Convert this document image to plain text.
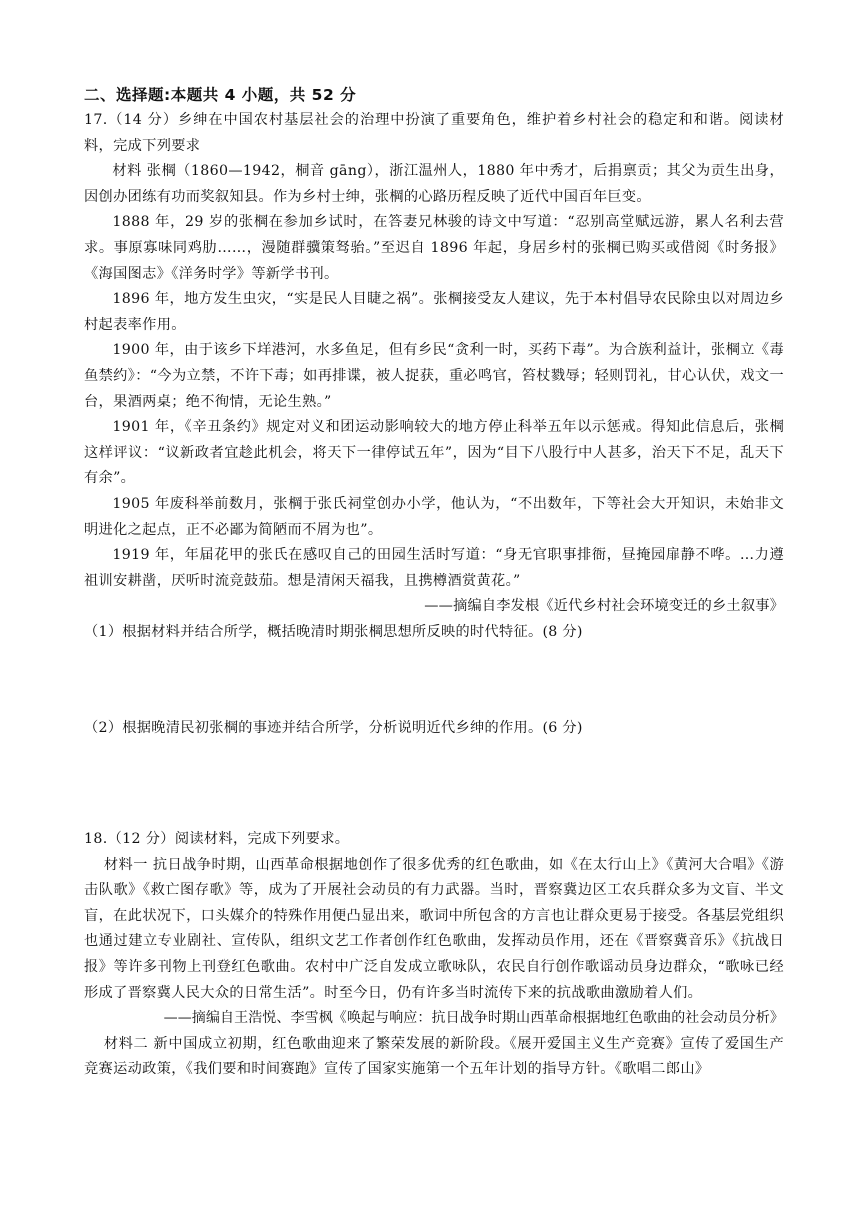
二、选择题:本题共 4 小题，共 52 分

17.（14 分）乡绅在中国农村基层社会的治理中扮演了重要角色，维护着乡村社会的稳定和和谐。阅读材料，完成下列要求

材料 张棡（1860—1942，桐音 gāng），浙江温州人，1880 年中秀才，后捐禀贡；其父为贡生出身，因创办团练有功而奖叙知县。作为乡村士绅，张棡的心路历程反映了近代中国百年巨变。

1888 年，29 岁的张棡在参加乡试时，在答妻兄林骏的诗文中写道：“忍别高堂赋远游，累人名利去营求。事原寡味同鸡肋……，漫随群骥策驽骀。”至迟自 1896 年起，身居乡村的张棡已购买或借阅《时务报》《海国图志》《洋务时学》等新学书刊。

1896 年，地方发生虫灾，“实是民人目睫之祸”。张棡接受友人建议，先于本村倡导农民除虫以对周边乡村起表率作用。

1900 年，由于该乡下垟港河，水多鱼足，但有乡民“贪利一时，买药下毒”。为合族利益计，张棡立《毒鱼禁约》：“今为立禁，不许下毒；如再排谍，被人捉获，重必鸣官，笞杖戮辱；轻则罚礼，甘心认伏，戏文一台，果酒两桌；绝不徇情，无论生熟。”

1901 年，《辛丑条约》规定对义和团运动影响较大的地方停止科举五年以示惩戒。得知此信息后，张棡这样评议：“议新政者宜趁此机会，将天下一律停试五年”，因为“目下八股行中人甚多，治天下不足，乱天下有余”。

1905 年废科举前数月，张棡于张氏祠堂创办小学，他认为，“不出数年，下等社会大开知识，未始非文明进化之起点，正不必鄙为简陋而不屑为也”。

1919 年，年届花甲的张氏在感叹自己的田园生活时写道：“身无官职事排衙，昼掩园扉静不哗。…力遵祖训安耕凿，厌听时流竞鼓茄。想是清闲天福我，且携樽酒赏黄花。”

——摘编自李发根《近代乡村社会环境变迁的乡土叙事》

（1）根据材料并结合所学，概括晚清时期张棡思想所反映的时代特征。(8 分)

（2）根据晚清民初张棡的事迹并结合所学，分析说明近代乡绅的作用。(6 分)

18.（12 分）阅读材料，完成下列要求。

材料一 抗日战争时期，山西革命根据地创作了很多优秀的红色歌曲，如《在太行山上》《黄河大合唱》《游击队歌》《救亡图存歌》等，成为了开展社会动员的有力武器。当时，晋察冀边区工农兵群众多为文盲、半文盲，在此状况下，口头媒介的特殊作用便凸显出来，歌词中所包含的方言也让群众更易于接受。各基层党组织也通过建立专业剧社、宣传队，组织文艺工作者创作红色歌曲，发挥动员作用，还在《晋察冀音乐》《抗战日报》等许多刊物上刊登红色歌曲。农村中广泛自发成立歌咏队，农民自行创作歌谣动员身边群众，“歌咏已经形成了晋察冀人民大众的日常生活”。时至今日，仍有许多当时流传下来的抗战歌曲激励着人们。

——摘编自王浩悦、李雪枫《唤起与响应：抗日战争时期山西革命根据地红色歌曲的社会动员分析》

材料二 新中国成立初期，红色歌曲迎来了繁荣发展的新阶段。《展开爱国主义生产竞赛》宣传了爱国生产竞赛运动政策，《我们要和时间赛跑》宣传了国家实施第一个五年计划的指导方针。《歌唱二郎山》
